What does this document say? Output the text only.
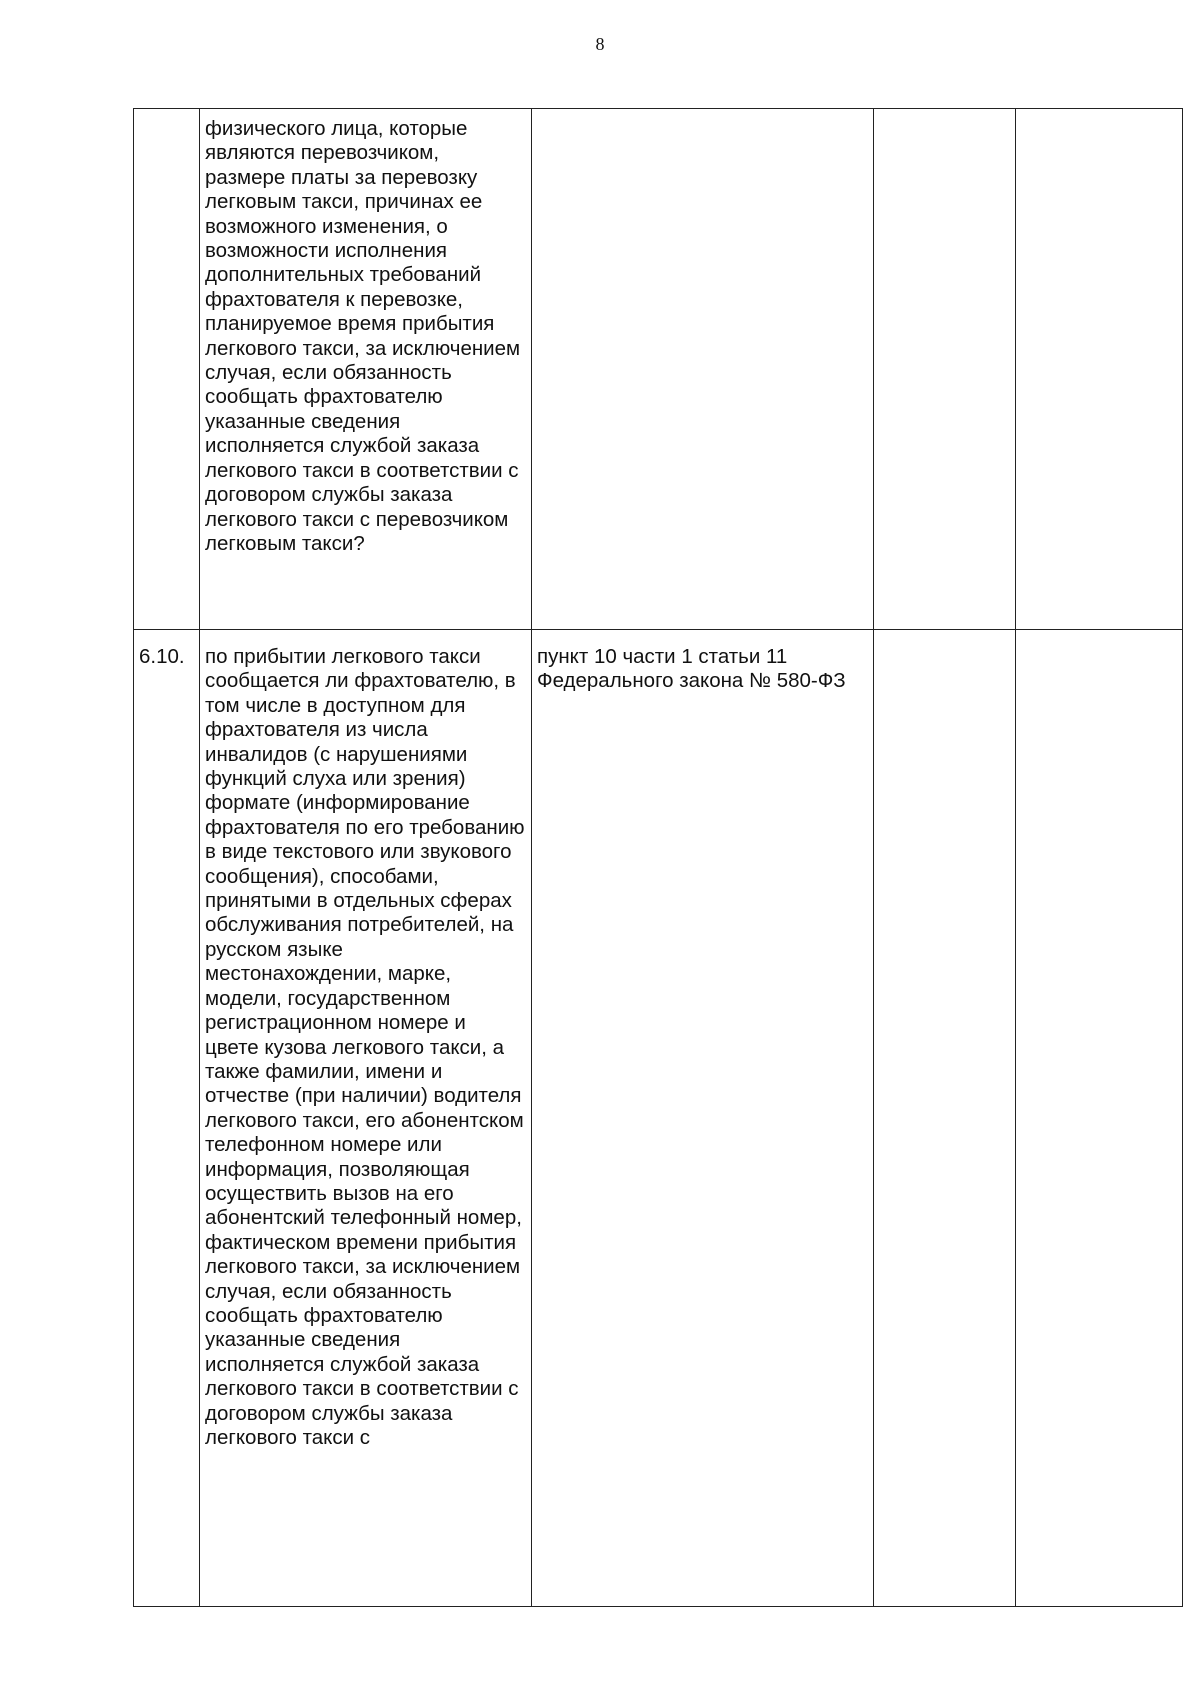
8
	физического лица, которые являются перевозчиком, размере платы за перевозку легковым такси, причинах ее возможного изменения, о возможности исполнения дополнительных требований фрахтователя к перевозке, планируемое время прибытия легкового такси, за исключением случая, если обязанность сообщать фрахтователю указанные сведения исполняется службой заказа легкового такси в соответствии с договором службы заказа легкового такси с перевозчиком легковым такси?			
6.10.	по прибытии легкового такси сообщается ли фрахтователю, в том числе в доступном для фрахтователя из числа инвалидов (с нарушениями функций слуха или зрения) формате (информирование фрахтователя по его требованию в виде текстового или звукового сообщения), способами, принятыми в отдельных сферах обслуживания потребителей, на русском языке местонахождении, марке, модели, государственном регистрационном номере и цвете кузова легкового такси, а также фамилии, имени и отчестве (при наличии) водителя легкового такси, его абонентском телефонном номере или информация, позволяющая осуществить вызов на его абонентский телефонный номер, фактическом времени прибытия легкового такси, за исключением случая, если обязанность сообщать фрахтователю указанные сведения исполняется службой заказа легкового такси в соответствии с договором службы заказа легкового такси с	пункт 10 части 1 статьи 11 Федерального закона № 580-ФЗ		
